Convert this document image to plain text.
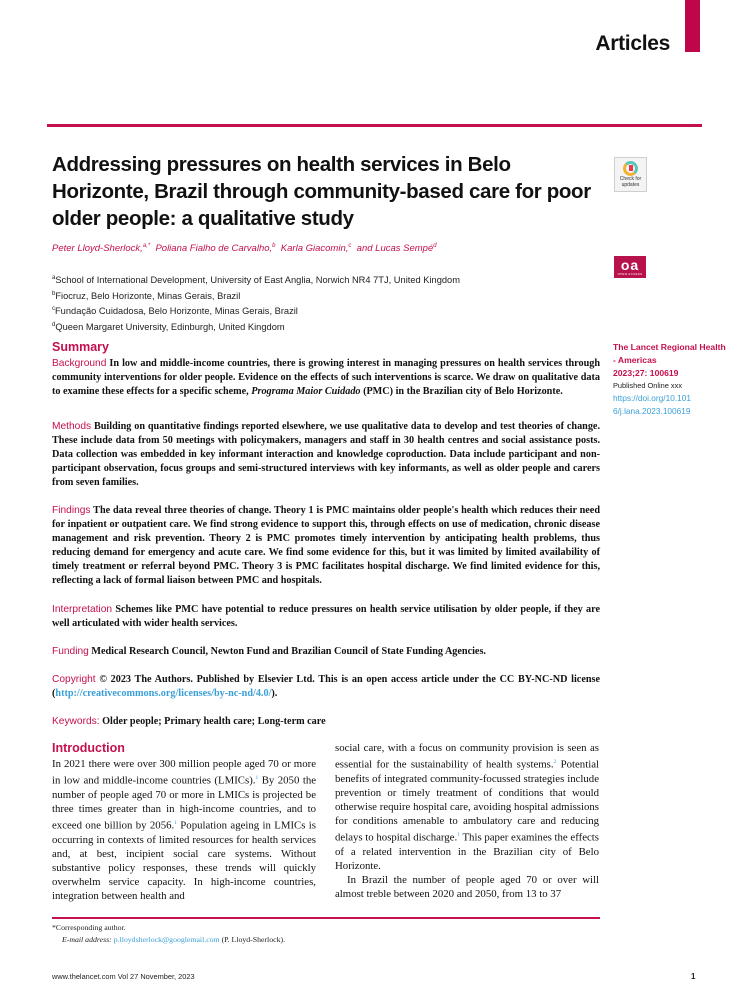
Articles
Addressing pressures on health services in Belo Horizonte, Brazil through community-based care for poor older people: a qualitative study
Check for updates
oa
OPEN ACCESS
Peter Lloyd-Sherlock,$^{a,*}$ Poliana Fialho de Carvalho,$^b$ Karla Giacomin,$^c$ and Lucas Sempé$^d$
$^a$School of International Development, University of East Anglia, Norwich NR4 7TJ, United Kingdom
$^b$Fiocruz, Belo Horizonte, Minas Gerais, Brazil
$^c$Fundação Cuidadosa, Belo Horizonte, Minas Gerais, Brazil
$^d$Queen Margaret University, Edinburgh, United Kingdom
The Lancet Regional Health - Americas
2023;27: 100619
Published Online xxx
https://doi.org/10.1016/j.lana.2023.100619
Summary
Background In low and middle-income countries, there is growing interest in managing pressures on health services through community interventions for older people. Evidence on the effects of such interventions is scarce. We draw on qualitative data to examine these effects for a specific scheme, Programa Maior Cuidado (PMC) in the Brazilian city of Belo Horizonte.
Methods Building on quantitative findings reported elsewhere, we use qualitative data to develop and test theories of change. These include data from 50 meetings with policymakers, managers and staff in 30 health centres and social assistance posts. Data collection was embedded in key informant interaction and knowledge coproduction. Data include participant and non-participant observation, focus groups and semi-structured interviews with key informants, as well as older people and carers from seven families.
Findings The data reveal three theories of change. Theory 1 is PMC maintains older people's health which reduces their need for inpatient or outpatient care. We find strong evidence to support this, through effects on use of medication, chronic disease management and risk prevention. Theory 2 is PMC promotes timely intervention by anticipating health problems, thus reducing demand for emergency and acute care. We find some evidence for this, but it was limited by limited availability of timely treatment or referral beyond PMC. Theory 3 is PMC facilitates hospital discharge. We find limited evidence for this, reflecting a lack of formal liaison between PMC and hospitals.
Interpretation Schemes like PMC have potential to reduce pressures on health service utilisation by older people, if they are well articulated with wider health services.
Funding Medical Research Council, Newton Fund and Brazilian Council of State Funding Agencies.
Copyright © 2023 The Authors. Published by Elsevier Ltd. This is an open access article under the CC BY-NC-ND license (http://creativecommons.org/licenses/by-nc-nd/4.0/).
Keywords: Older people; Primary health care; Long-term care
Introduction
In 2021 there were over 300 million people aged 70 or more in low and middle-income countries (LMICs).$^1$ By 2050 the number of people aged 70 or more in LMICs is projected be three times greater than in high-income countries, and to exceed one billion by 2056.$^1$ Population ageing in LMICs is occurring in contexts of limited resources for health services and, at best, incipient social care systems. Without substantive policy responses, these trends will quickly overwhelm service capacity. In high-income countries, integration between health and
social care, with a focus on community provision is seen as essential for the sustainability of health systems.$^2$ Potential benefits of integrated community-focussed strategies include prevention or timely treatment of conditions that would otherwise require hospital care, avoiding hospital admissions for conditions amenable to ambulatory care and reducing delays to hospital discharge.$^1$ This paper examines the effects of a related intervention in the Brazilian city of Belo Horizonte.
In Brazil the number of people aged 70 or over will almost treble between 2020 and 2050, from 13 to 37
*Corresponding author.
E-mail address: p.lloydsherlock@googlemail.com (P. Lloyd-Sherlock).
www.thelancet.com Vol 27 November, 2023	1
